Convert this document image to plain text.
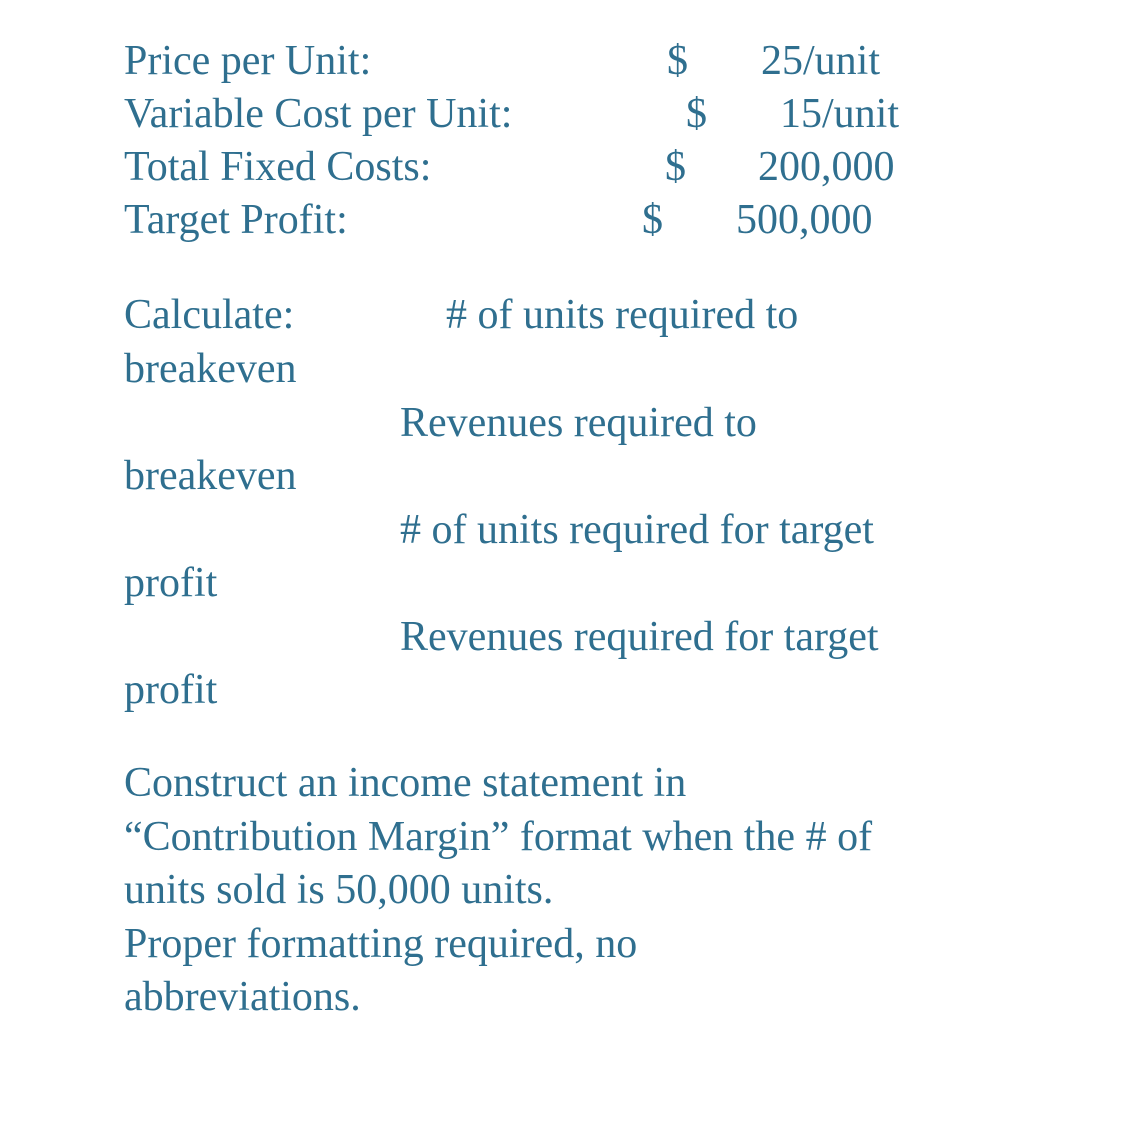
Price per Unit:	$ 25/unit
Variable Cost per Unit:	$ 15/unit
Total Fixed Costs:	$ 200,000
Target Profit:	$ 500,000
Calculate:	# of units required to
breakeven
Revenues required to
breakeven
# of units required for target
profit
Revenues required for target
profit
Construct an income statement in
“Contribution Margin” format when the # of
units sold is 50,000 units.
Proper formatting required, no
abbreviations.
